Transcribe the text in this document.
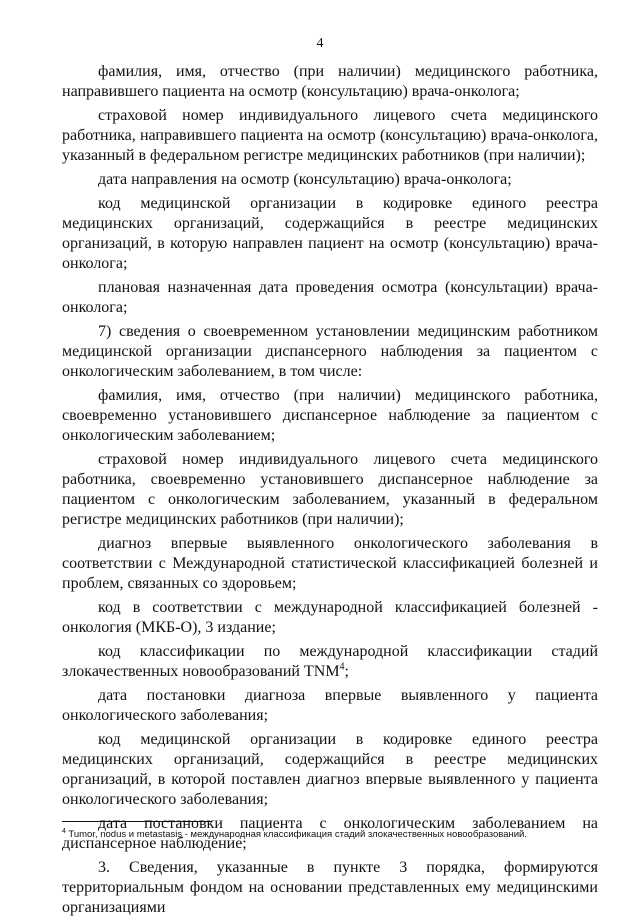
4

фамилия, имя, отчество (при наличии) медицинского работника, направившего пациента на осмотр (консультацию) врача-онколога;

страховой номер индивидуального лицевого счета медицинского работника, направившего пациента на осмотр (консультацию) врача-онколога, указанный в федеральном регистре медицинских работников (при наличии);

дата направления на осмотр (консультацию) врача-онколога;

код медицинской организации в кодировке единого реестра медицинских организаций, содержащийся в реестре медицинских организаций, в которую направлен пациент на осмотр (консультацию) врача-онколога;

плановая назначенная дата проведения осмотра (консультации) врача-онколога;

7) сведения о своевременном установлении медицинским работником медицинской организации диспансерного наблюдения за пациентом с онкологическим заболеванием, в том числе:

фамилия, имя, отчество (при наличии) медицинского работника, своевременно установившего диспансерное наблюдение за пациентом с онкологическим заболеванием;

страховой номер индивидуального лицевого счета медицинского работника, своевременно установившего диспансерное наблюдение за пациентом с онкологическим заболеванием, указанный в федеральном регистре медицинских работников (при наличии);

диагноз впервые выявленного онкологического заболевания в соответствии с Международной статистической классификацией болезней и проблем, связанных со здоровьем;

код в соответствии с международной классификацией болезней - онкология (МКБ-О), 3 издание;

код классификации по международной классификации стадий злокачественных новообразований TNM$^4$;

дата постановки диагноза впервые выявленного у пациента онкологического заболевания;

код медицинской организации в кодировке единого реестра медицинских организаций, содержащийся в реестре медицинских организаций, в которой поставлен диагноз впервые выявленного у пациента онкологического заболевания;

дата постановки пациента с онкологическим заболеванием на диспансерное наблюдение;

3. Сведения, указанные в пункте 3 порядка, формируются территориальным фондом на основании представленных ему медицинскими организациями

$^4$ Tumor, nodus и metastasis - международная классификация стадий злокачественных новообразований.
